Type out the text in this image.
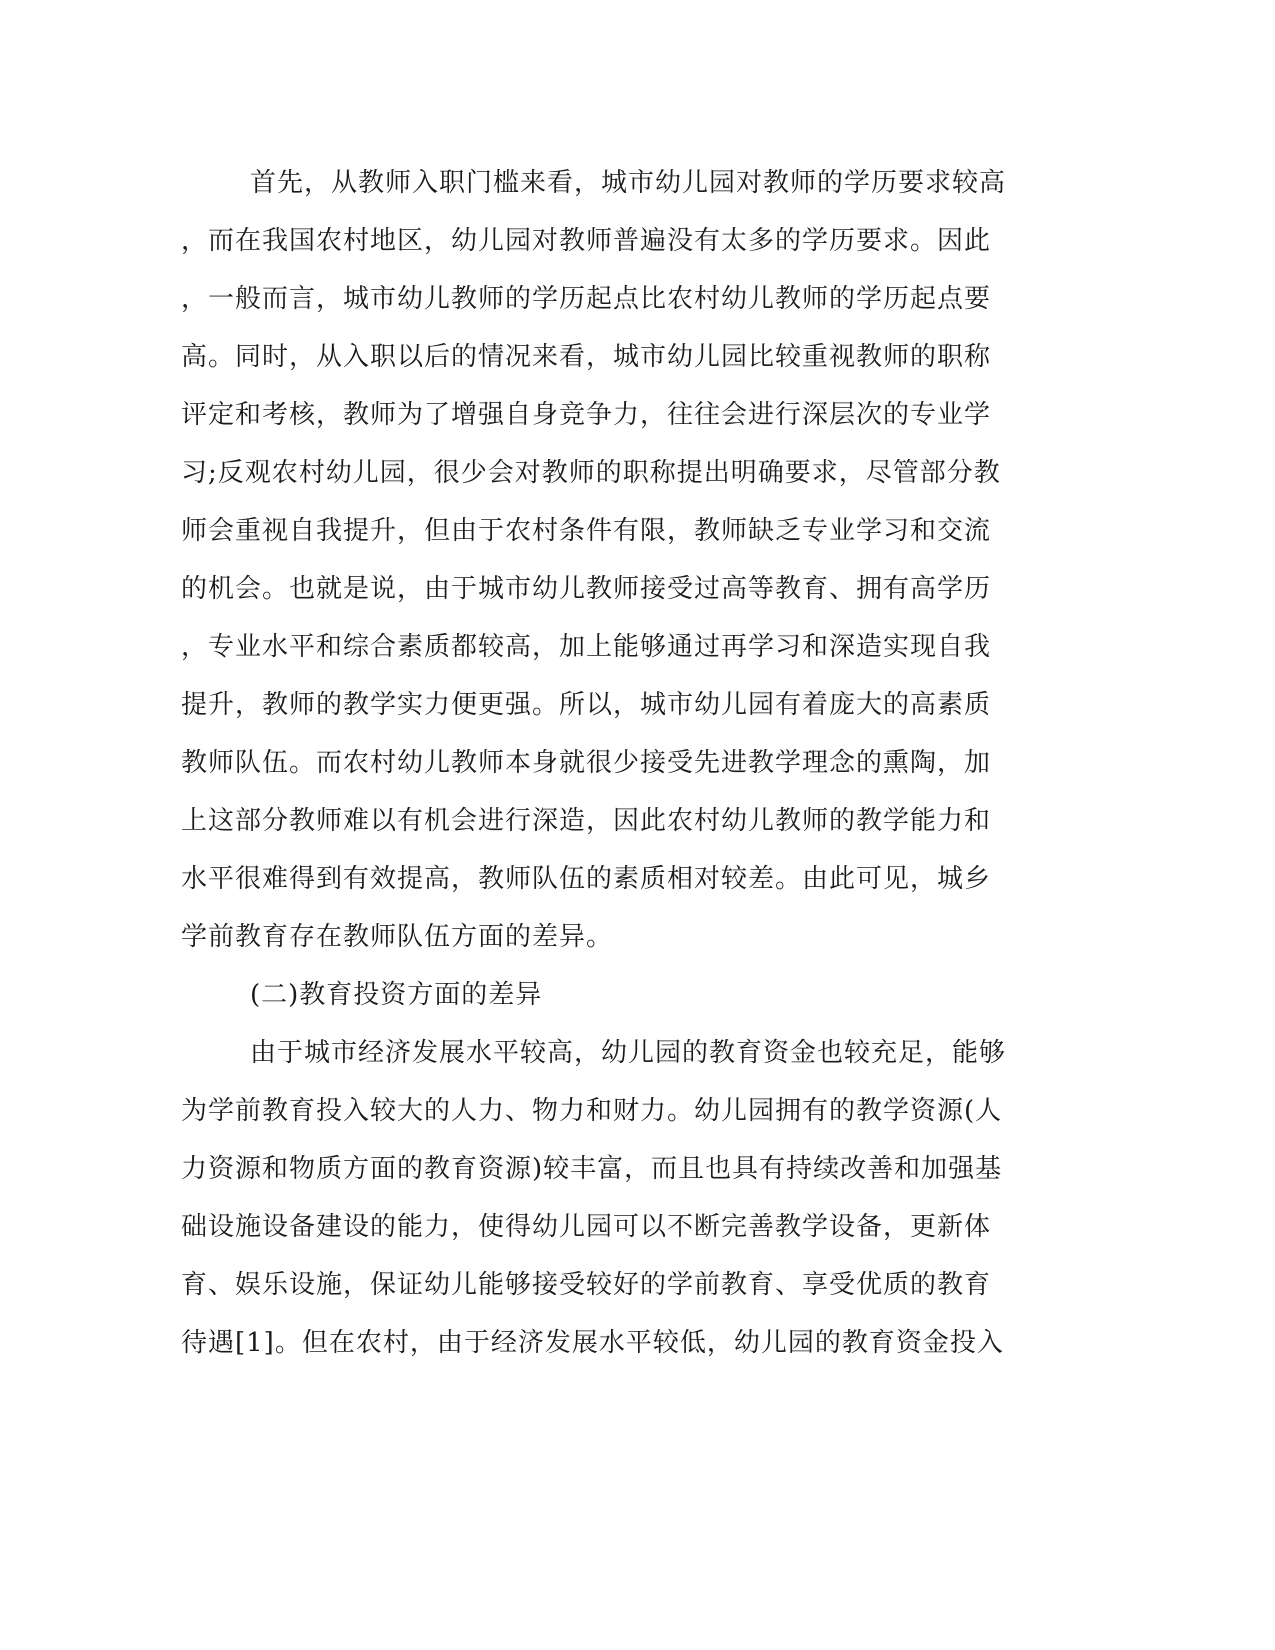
首先，从教师入职门槛来看，城市幼儿园对教师的学历要求较高
，而在我国农村地区，幼儿园对教师普遍没有太多的学历要求。因此
，一般而言，城市幼儿教师的学历起点比农村幼儿教师的学历起点要
高。同时，从入职以后的情况来看，城市幼儿园比较重视教师的职称
评定和考核，教师为了增强自身竞争力，往往会进行深层次的专业学
习;反观农村幼儿园，很少会对教师的职称提出明确要求，尽管部分教
师会重视自我提升，但由于农村条件有限，教师缺乏专业学习和交流
的机会。也就是说，由于城市幼儿教师接受过高等教育、拥有高学历
，专业水平和综合素质都较高，加上能够通过再学习和深造实现自我
提升，教师的教学实力便更强。所以，城市幼儿园有着庞大的高素质
教师队伍。而农村幼儿教师本身就很少接受先进教学理念的熏陶，加
上这部分教师难以有机会进行深造，因此农村幼儿教师的教学能力和
水平很难得到有效提高，教师队伍的素质相对较差。由此可见，城乡
学前教育存在教师队伍方面的差异。
(二)教育投资方面的差异
由于城市经济发展水平较高，幼儿园的教育资金也较充足，能够
为学前教育投入较大的人力、物力和财力。幼儿园拥有的教学资源(人
力资源和物质方面的教育资源)较丰富，而且也具有持续改善和加强基
础设施设备建设的能力，使得幼儿园可以不断完善教学设备，更新体
育、娱乐设施，保证幼儿能够接受较好的学前教育、享受优质的教育
待遇[1]。但在农村，由于经济发展水平较低，幼儿园的教育资金投入
